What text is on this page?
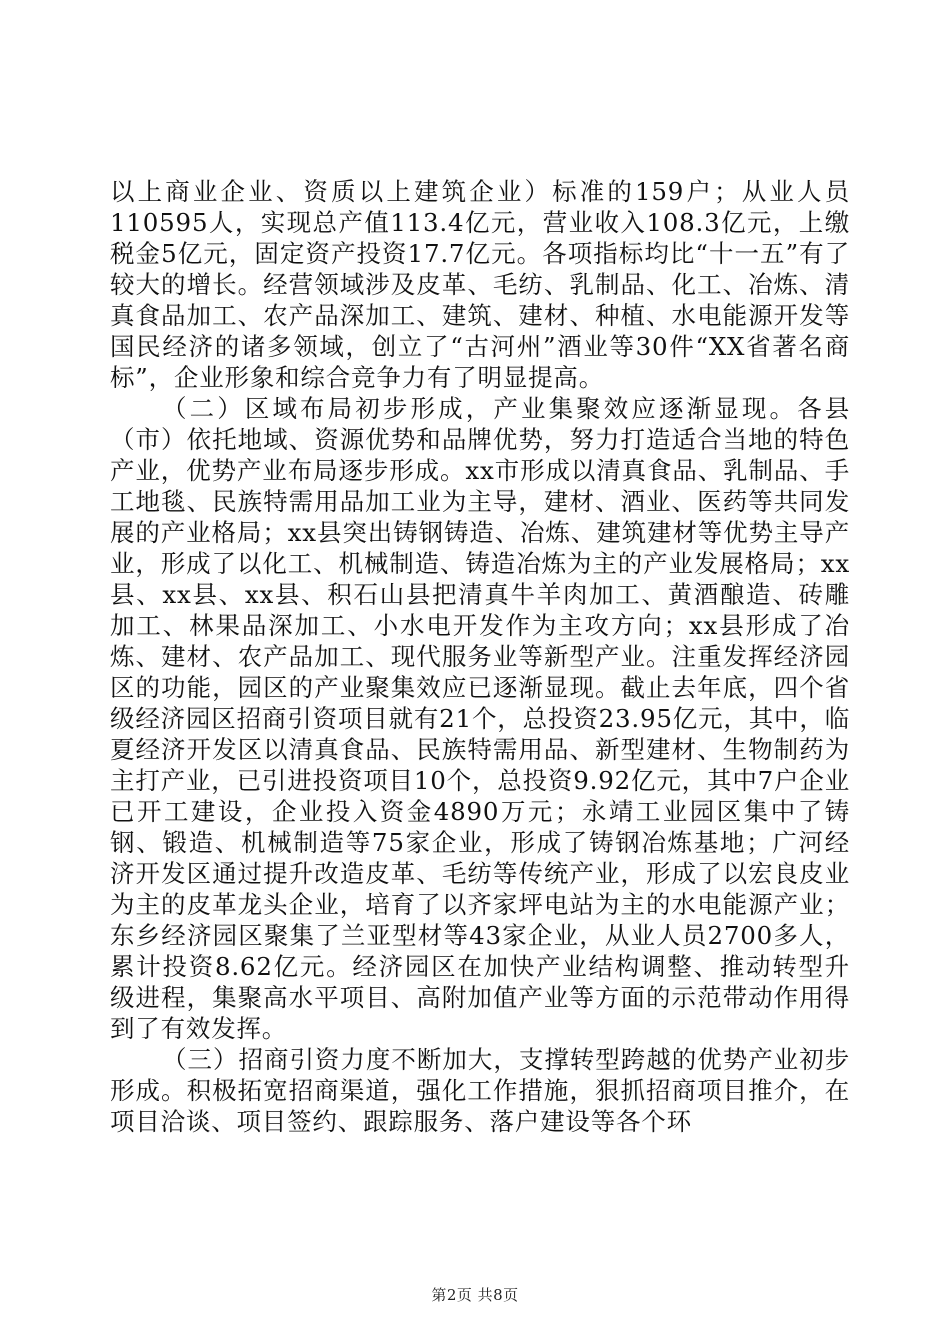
以上商业企业、资质以上建筑企业）标准的159户；从业人员110595人，实现总产值113.4亿元，营业收入108.3亿元，上缴税金5亿元，固定资产投资17.7亿元。各项指标均比“十一五”有了较大的增长。经营领域涉及皮革、毛纺、乳制品、化工、冶炼、清真食品加工、农产品深加工、建筑、建材、种植、水电能源开发等国民经济的诸多领域，创立了“古河州”酒业等30件“XX省著名商标”，企业形象和综合竞争力有了明显提高。

（二）区域布局初步形成，产业集聚效应逐渐显现。各县（市）依托地域、资源优势和品牌优势，努力打造适合当地的特色产业，优势产业布局逐步形成。xx市形成以清真食品、乳制品、手工地毯、民族特需用品加工业为主导，建材、酒业、医药等共同发展的产业格局；xx县突出铸钢铸造、冶炼、建筑建材等优势主导产业，形成了以化工、机械制造、铸造冶炼为主的产业发展格局；xx县、xx县、xx县、积石山县把清真牛羊肉加工、黄酒酿造、砖雕加工、林果品深加工、小水电开发作为主攻方向；xx县形成了冶炼、建材、农产品加工、现代服务业等新型产业。注重发挥经济园区的功能，园区的产业聚集效应已逐渐显现。截止去年底，四个省级经济园区招商引资项目就有21个，总投资23.95亿元，其中，临夏经济开发区以清真食品、民族特需用品、新型建材、生物制药为主打产业，已引进投资项目10个，总投资9.92亿元，其中7户企业已开工建设，企业投入资金4890万元；永靖工业园区集中了铸钢、锻造、机械制造等75家企业，形成了铸钢冶炼基地；广河经济开发区通过提升改造皮革、毛纺等传统产业，形成了以宏良皮业为主的皮革龙头企业，培育了以齐家坪电站为主的水电能源产业；东乡经济园区聚集了兰亚型材等43家企业，从业人员2700多人，累计投资8.62亿元。经济园区在加快产业结构调整、推动转型升级进程，集聚高水平项目、高附加值产业等方面的示范带动作用得到了有效发挥。

（三）招商引资力度不断加大，支撑转型跨越的优势产业初步形成。积极拓宽招商渠道，强化工作措施，狠抓招商项目推介，在项目洽谈、项目签约、跟踪服务、落户建设等各个环

第2页 共8页
